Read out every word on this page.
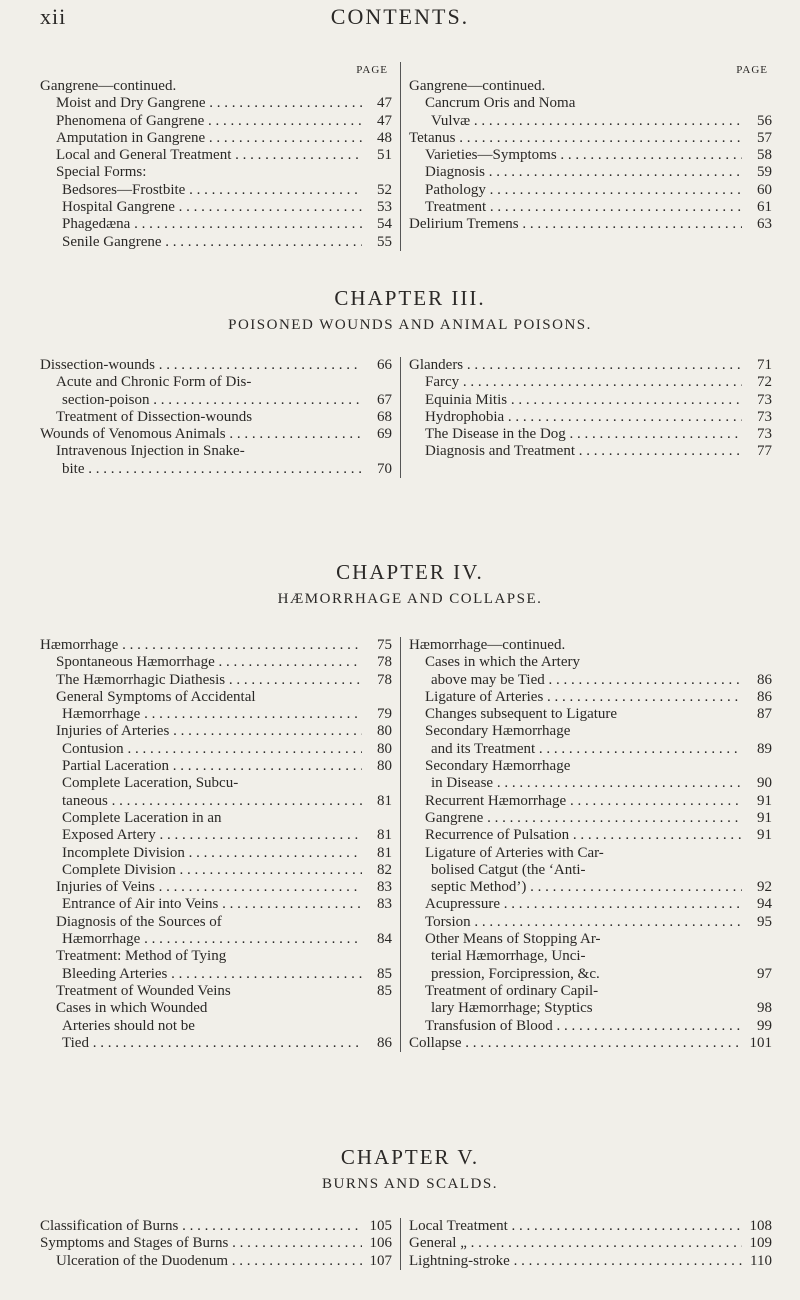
xii	CONTENTS.
PAGE
Gangrene—continued.
Moist and Dry Gangrene . . .	47
Phenomena of Gangrene . . .	47
Amputation in Gangrene . . .	48
Local and General Treatment . . .	51
Special Forms:
Bedsores—Frostbite . . .	52
Hospital Gangrene . . .	53
Phagedæna . . .	54
Senile Gangrene . . .	55
PAGE
Gangrene—continued.
Cancrum Oris and Noma
Vulvæ . . .	56
Tetanus . . .	57
Varieties—Symptoms . . .	58
Diagnosis . . .	59
Pathology . . .	60
Treatment . . .	61
Delirium Tremens . . .	63
CHAPTER III.
POISONED WOUNDS AND ANIMAL POISONS.
Dissection-wounds . . .	66
Acute and Chronic Form of Dis-
section-poison . . .	67
Treatment of Dissection-wounds	68
Wounds of Venomous Animals . . .	69
Intravenous Injection in Snake-
bite . . .	70
Glanders . . .	71
Farcy . . .	72
Equinia Mitis . . .	73
Hydrophobia . . .	73
The Disease in the Dog . . .	73
Diagnosis and Treatment . . .	77
CHAPTER IV.
HÆMORRHAGE AND COLLAPSE.
Hæmorrhage . . .	75
Spontaneous Hæmorrhage . . .	78
The Hæmorrhagic Diathesis . . .	78
General Symptoms of Accidental
Hæmorrhage . . .	79
Injuries of Arteries . . .	80
Contusion . . .	80
Partial Laceration . . .	80
Complete Laceration, Subcu-
taneous . . .	81
Complete Laceration in an
Exposed Artery . . .	81
Incomplete Division . . .	81
Complete Division . . .	82
Injuries of Veins . . .	83
Entrance of Air into Veins . . .	83
Diagnosis of the Sources of
Hæmorrhage . . .	84
Treatment: Method of Tying
Bleeding Arteries . . .	85
Treatment of Wounded Veins	85
Cases in which Wounded
Arteries should not be
Tied . . .	86
Hæmorrhage—continued.
Cases in which the Artery
above may be Tied . . .	86
Ligature of Arteries . . .	86
Changes subsequent to Ligature	87
Secondary Hæmorrhage
and its Treatment . . .	89
Secondary Hæmorrhage
in Disease . . .	90
Recurrent Hæmorrhage . . .	91
Gangrene . . .	91
Recurrence of Pulsation . . .	91
Ligature of Arteries with Car-
bolised Catgut (the ‘Anti-
septic Method’) . . .	92
Acupressure . . .	94
Torsion . . .	95
Other Means of Stopping Ar-
terial Hæmorrhage, Unci-
pression, Forcipression, &c.	97
Treatment of ordinary Capil-
lary Hæmorrhage; Styptics	98
Transfusion of Blood . . .	99
Collapse . . .	101
CHAPTER V.
BURNS AND SCALDS.
Classification of Burns . . .	105
Symptoms and Stages of Burns . . .	106
Ulceration of the Duodenum . . .	107
Local Treatment . . .	108
General „ . . .	109
Lightning-stroke . . .	110
